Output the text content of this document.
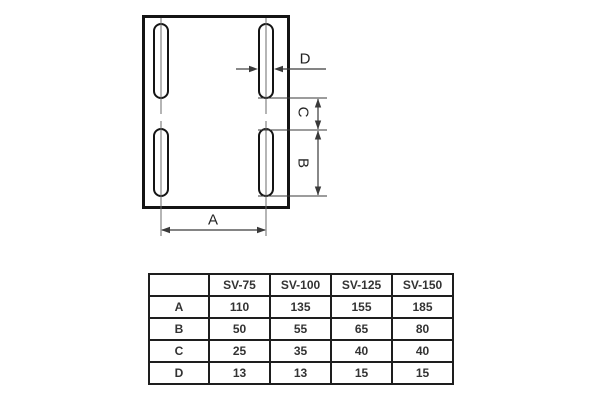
D
C
B
A
	SV-75	SV-100	SV-125	SV-150
A	110	135	155	185
B	50	55	65	80
C	25	35	40	40
D	13	13	15	15
